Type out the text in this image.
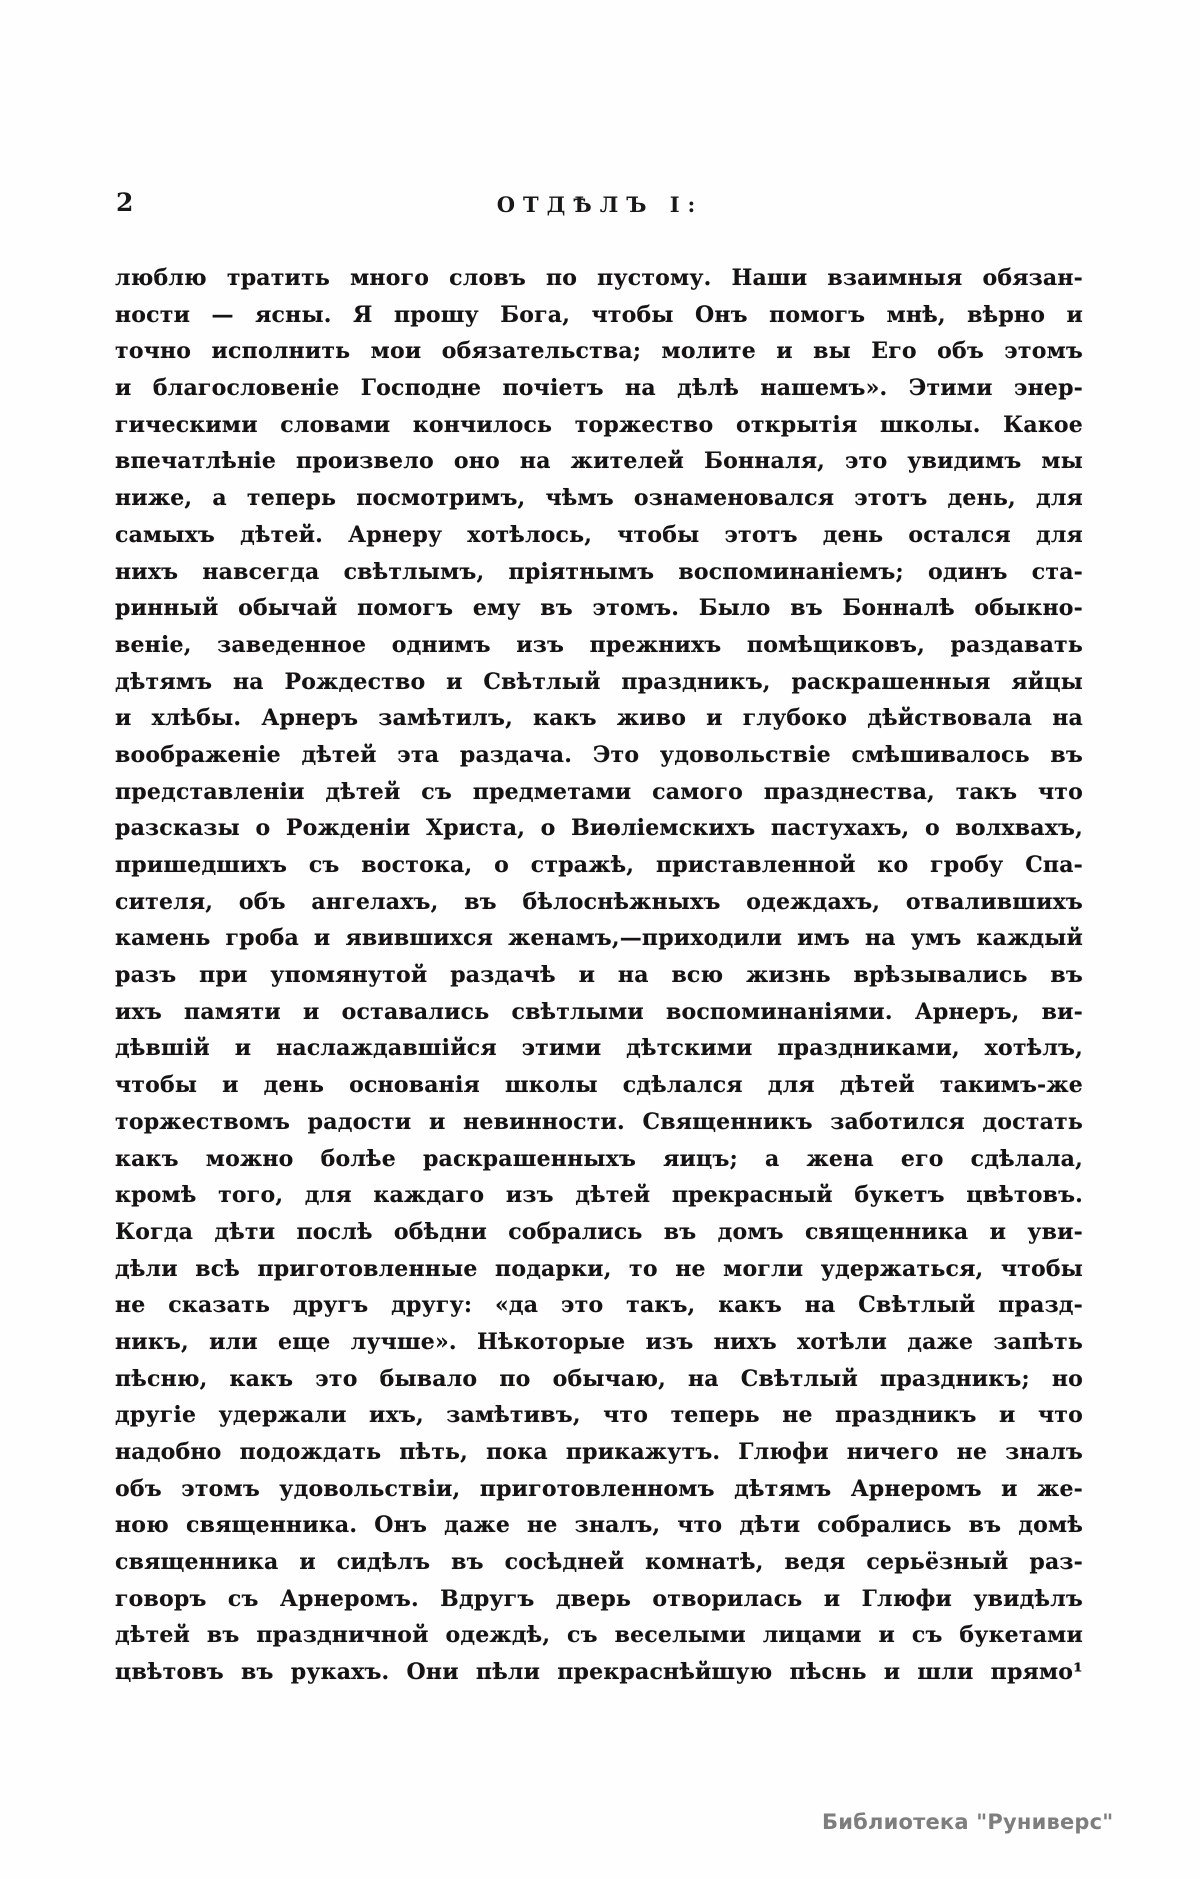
2	ОТДѢЛЪ I:
люблю тратить много словъ по пустому. Наши взаимныя обязан-
ности — ясны. Я прошу Бога, чтобы Онъ помогъ мнѣ, вѣрно и
точно исполнить мои обязательства; молите и вы Его объ этомъ
и благословеніе Господне почіетъ на дѣлѣ нашемъ». Этими энер-
гическими словами кончилось торжество открытія школы. Какое
впечатлѣніе произвело оно на жителей Бонналя, это увидимъ мы
ниже, а теперь посмотримъ, чѣмъ ознаменовался этотъ день, для
самыхъ дѣтей. Арнеру хотѣлось, чтобы этотъ день остался для
нихъ навсегда свѣтлымъ, пріятнымъ воспоминаніемъ; одинъ ста-
ринный обычай помогъ ему въ этомъ. Было въ Бонналѣ обыкно-
веніе, заведенное однимъ изъ прежнихъ помѣщиковъ, раздавать
дѣтямъ на Рождество и Свѣтлый праздникъ, раскрашенныя яйцы
и хлѣбы. Арнеръ замѣтилъ, какъ живо и глубоко дѣйствовала на
воображеніе дѣтей эта раздача. Это удовольствіе смѣшивалось въ
представленіи дѣтей съ предметами самого празднества, такъ что
разсказы о Рожденіи Христа, о Виѳліемскихъ пастухахъ, о волхвахъ,
пришедшихъ съ востока, о стражѣ, приставленной ко гробу Спа-
сителя, объ ангелахъ, въ бѣлоснѣжныхъ одеждахъ, отвалившихъ
камень гроба и явившихся женамъ,—приходили имъ на умъ каждый
разъ при упомянутой раздачѣ и на всю жизнь врѣзывались въ
ихъ памяти и оставались свѣтлыми воспоминаніями. Арнеръ, ви-
дѣвшій и наслаждавшійся этими дѣтскими праздниками, хотѣлъ,
чтобы и день основанія школы сдѣлался для дѣтей такимъ-же
торжествомъ радости и невинности. Священникъ заботился достать
какъ можно болѣе раскрашенныхъ яицъ; а жена его сдѣлала,
кромѣ того, для каждаго изъ дѣтей прекрасный букетъ цвѣтовъ.
Когда дѣти послѣ обѣдни собрались въ домъ священника и уви-
дѣли всѣ приготовленные подарки, то не могли удержаться, чтобы
не сказать другъ другу: «да это такъ, какъ на Свѣтлый празд-
никъ, или еще лучше». Нѣкоторые изъ нихъ хотѣли даже запѣть
пѣсню, какъ это бывало по обычаю, на Свѣтлый праздникъ; но
другіе удержали ихъ, замѣтивъ, что теперь не праздникъ и что
надобно подождать пѣть, пока прикажутъ. Глюфи ничего не зналъ
объ этомъ удовольствіи, приготовленномъ дѣтямъ Арнеромъ и же-
ною священника. Онъ даже не зналъ, что дѣти собрались въ домѣ
священника и сидѣлъ въ сосѣдней комнатѣ, ведя серьёзный раз-
говоръ съ Арнеромъ. Вдругъ дверь отворилась и Глюфи увидѣлъ
дѣтей въ праздничной одеждѣ, съ веселыми лицами и съ букетами
цвѣтовъ въ рукахъ. Они пѣли прекраснѣйшую пѣснь и шли прямо¹
Библиотека "Руниверс"
